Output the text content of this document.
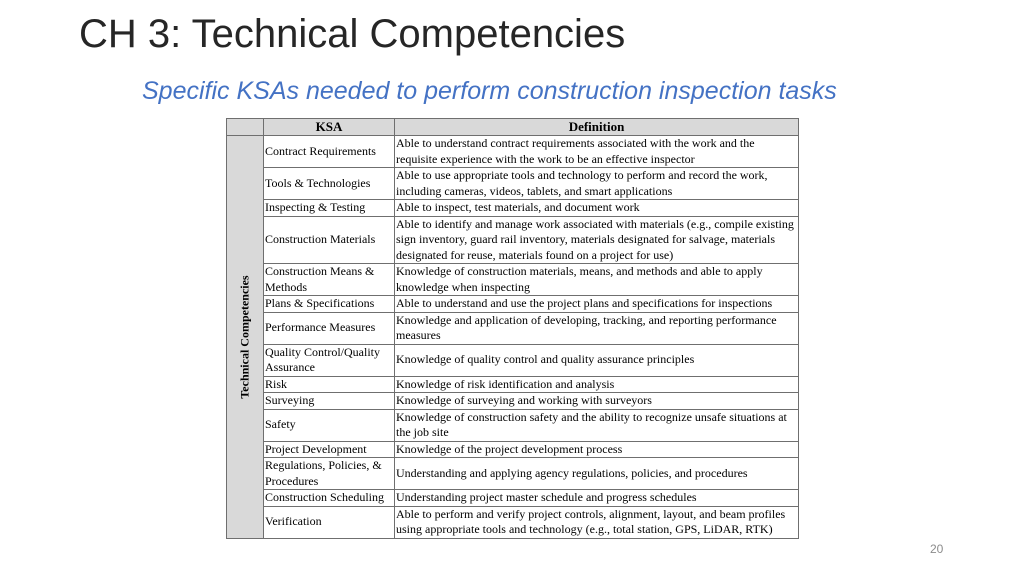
CH 3: Technical Competencies
Specific KSAs needed to perform construction inspection tasks
	KSA	Definition

Technical Competencies	Contract Requirements	Able to understand contract requirements associated with the work and the requisite experience with the work to be an effective inspector
	Tools & Technologies	Able to use appropriate tools and technology to perform and record the work, including cameras, videos, tablets, and smart applications
	Inspecting & Testing	Able to inspect, test materials, and document work
	Construction Materials	Able to identify and manage work associated with materials (e.g., compile existing sign inventory, guard rail inventory, materials designated for salvage, materials designated for reuse, materials found on a project for use)
	Construction Means & Methods	Knowledge of construction materials, means, and methods and able to apply knowledge when inspecting
	Plans & Specifications	Able to understand and use the project plans and specifications for inspections
	Performance Measures	Knowledge and application of developing, tracking, and reporting performance measures
	Quality Control/Quality Assurance	Knowledge of quality control and quality assurance principles
	Risk	Knowledge of risk identification and analysis
	Surveying	Knowledge of surveying and working with surveyors
	Safety	Knowledge of construction safety and the ability to recognize unsafe situations at the job site
	Project Development	Knowledge of the project development process
	Regulations, Policies, & Procedures	Understanding and applying agency regulations, policies, and procedures
	Construction Scheduling	Understanding project master schedule and progress schedules
	Verification	Able to perform and verify project controls, alignment, layout, and beam profiles using appropriate tools and technology (e.g., total station, GPS, LiDAR, RTK)
20
